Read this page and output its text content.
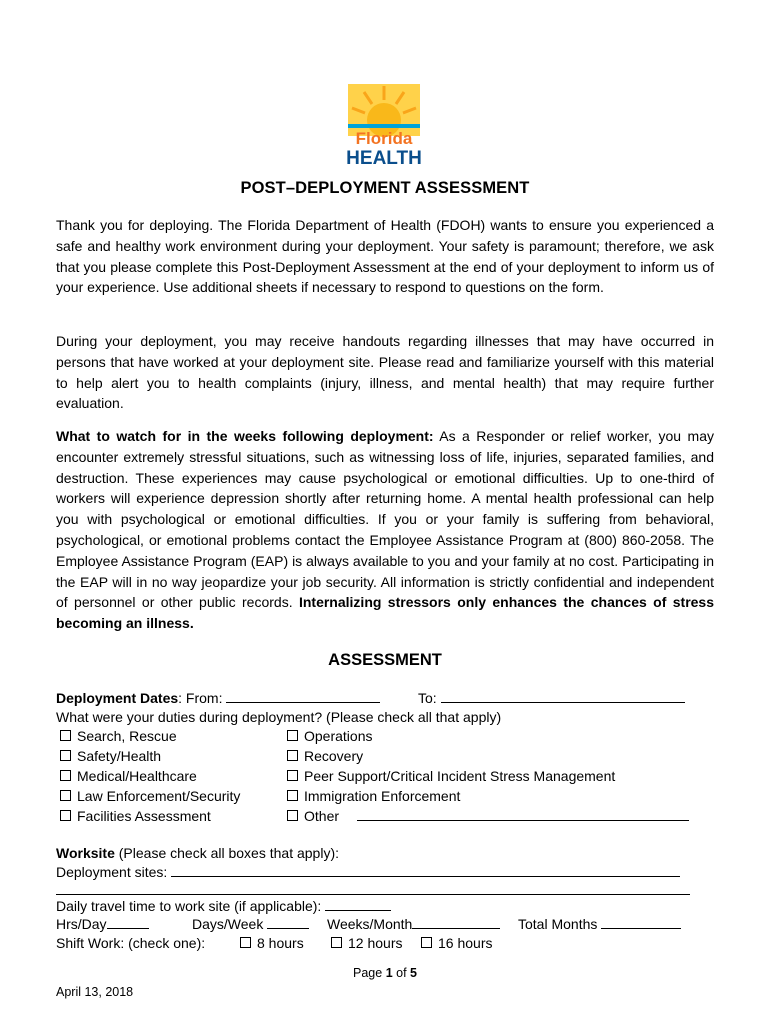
Florida
HEALTH
POST–DEPLOYMENT ASSESSMENT

Thank you for deploying. The Florida Department of Health (FDOH) wants to ensure you experienced a safe and healthy work environment during your deployment. Your safety is paramount; therefore, we ask that you please complete this Post-Deployment Assessment at the end of your deployment to inform us of your experience. Use additional sheets if necessary to respond to questions on the form.

During your deployment, you may receive handouts regarding illnesses that may have occurred in persons that have worked at your deployment site. Please read and familiarize yourself with this material to help alert you to health complaints (injury, illness, and mental health) that may require further evaluation.

What to watch for in the weeks following deployment: As a Responder or relief worker, you may encounter extremely stressful situations, such as witnessing loss of life, injuries, separated families, and destruction. These experiences may cause psychological or emotional difficulties. Up to one-third of workers will experience depression shortly after returning home. A mental health professional can help you with psychological or emotional difficulties. If you or your family is suffering from behavioral, psychological, or emotional problems contact the Employee Assistance Program at (800) 860-2058. The Employee Assistance Program (EAP) is always available to you and your family at no cost. Participating in the EAP will in no way jeopardize your job security. All information is strictly confidential and independent of personnel or other public records. Internalizing stressors only enhances the chances of stress becoming an illness.

ASSESSMENT
Deployment Dates: From:	To:
What were your duties during deployment? (Please check all that apply)
Search, Rescue
Safety/Health
Medical/Healthcare
Law Enforcement/Security
Facilities Assessment
Operations
Recovery
Peer Support/Critical Incident Stress Management
Immigration Enforcement
Other
Worksite (Please check all boxes that apply):
Deployment sites:
Daily travel time to work site (if applicable):
Hrs/Day	Days/Week	Weeks/Month	Total Months
Shift Work: (check one):	8 hours	12 hours	16 hours
Page 1 of 5
April 13, 2018
